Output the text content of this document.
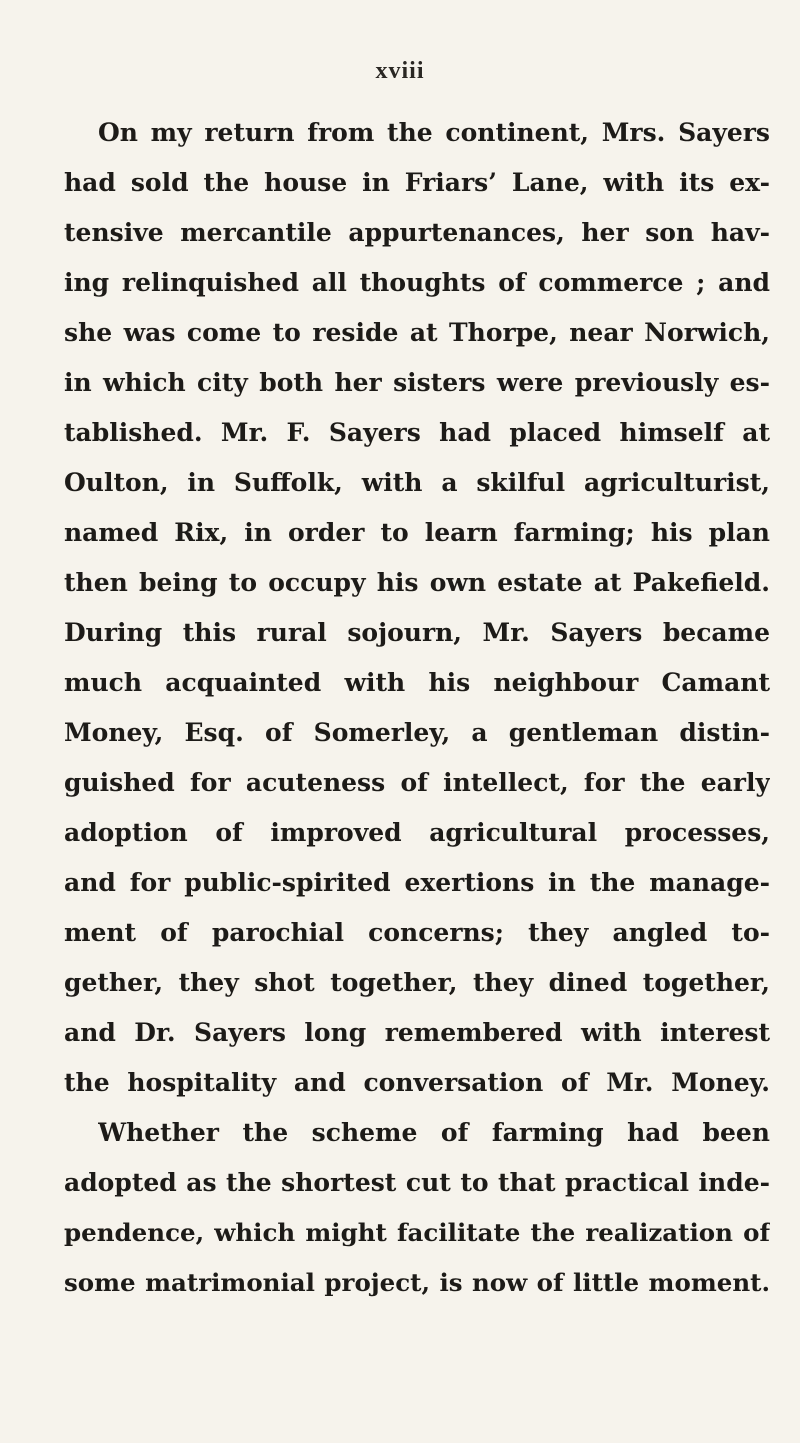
xviii
On my return from the continent, Mrs. Sayers
had sold the house in Friars’ Lane, with its ex-
tensive mercantile appurtenances, her son hav-
ing relinquished all thoughts of commerce ; and
she was come to reside at Thorpe, near Norwich,
in which city both her sisters were previously es-
tablished. Mr. F. Sayers had placed himself at
Oulton, in Suffolk, with a skilful agriculturist,
named Rix, in order to learn farming; his plan
then being to occupy his own estate at Pakefield.
During this rural sojourn, Mr. Sayers became
much acquainted with his neighbour Camant
Money, Esq. of Somerley, a gentleman distin-
guished for acuteness of intellect, for the early
adoption of improved agricultural processes,
and for public-spirited exertions in the manage-
ment of parochial concerns; they angled to-
gether, they shot together, they dined together,
and Dr. Sayers long remembered with interest
the hospitality and conversation of Mr. Money.
Whether the scheme of farming had been
adopted as the shortest cut to that practical inde-
pendence, which might facilitate the realization of
some matrimonial project, is now of little moment.
